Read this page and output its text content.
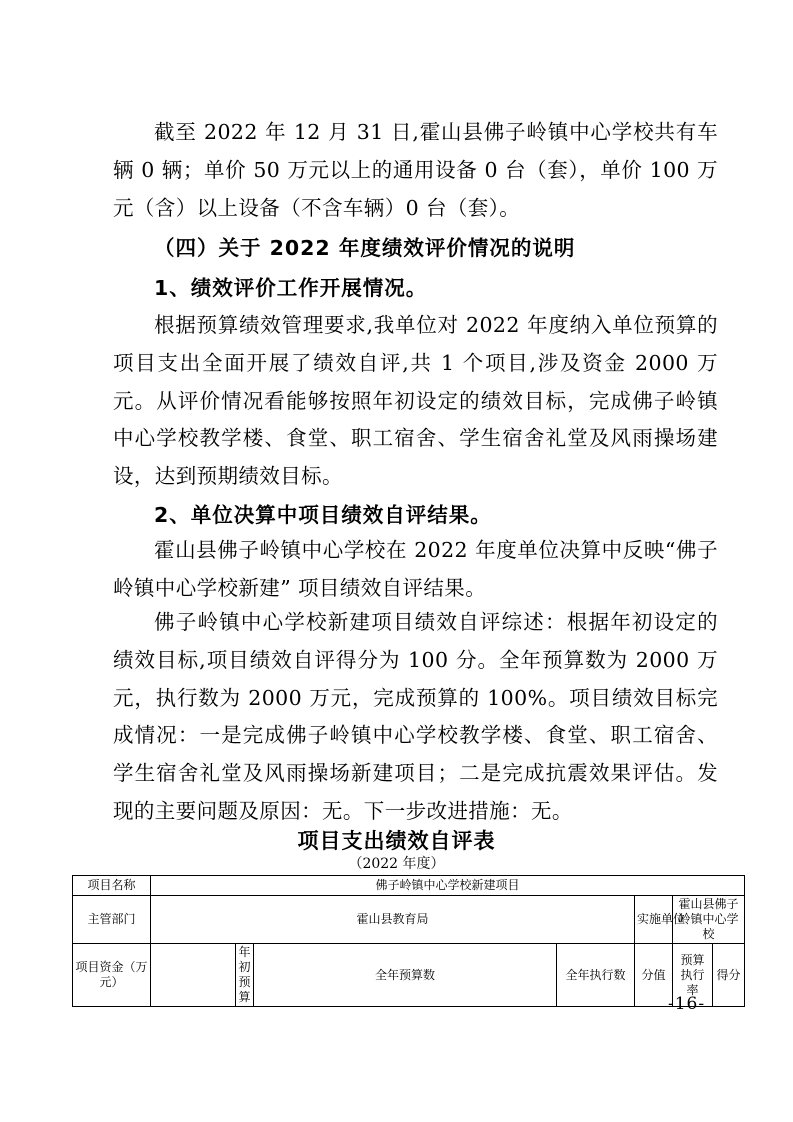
截至 2022 年 12 月 31 日,霍山县佛子岭镇中心学校共有车辆 0 辆；单价 50 万元以上的通用设备 0 台（套），单价 100 万元（含）以上设备（不含车辆）0 台（套）。

（四）关于 2022 年度绩效评价情况的说明

1、绩效评价工作开展情况。

根据预算绩效管理要求,我单位对 2022 年度纳入单位预算的项目支出全面开展了绩效自评,共 1 个项目,涉及资金 2000 万元。从评价情况看能够按照年初设定的绩效目标，完成佛子岭镇中心学校教学楼、食堂、职工宿舍、学生宿舍礼堂及风雨操场建设，达到预期绩效目标。

2、单位决算中项目绩效自评结果。

霍山县佛子岭镇中心学校在 2022 年度单位决算中反映“佛子岭镇中心学校新建” 项目绩效自评结果。

佛子岭镇中心学校新建项目绩效自评综述：根据年初设定的绩效目标,项目绩效自评得分为 100 分。全年预算数为 2000 万元，执行数为 2000 万元，完成预算的 100%。项目绩效目标完成情况：一是完成佛子岭镇中心学校教学楼、食堂、职工宿舍、学生宿舍礼堂及风雨操场新建项目；二是完成抗震效果评估。发现的主要问题及原因：无。下一步改进措施：无。

项目支出绩效自评表
（2022 年度）
项目名称	佛子岭镇中心学校新建项目						
主管部门	霍山县教育局				实施单位	霍山县佛子岭镇中心学校	
项目资金（万元）		年初预算	全年预算数	全年执行数	分值	预算执行率	得分
-16-
